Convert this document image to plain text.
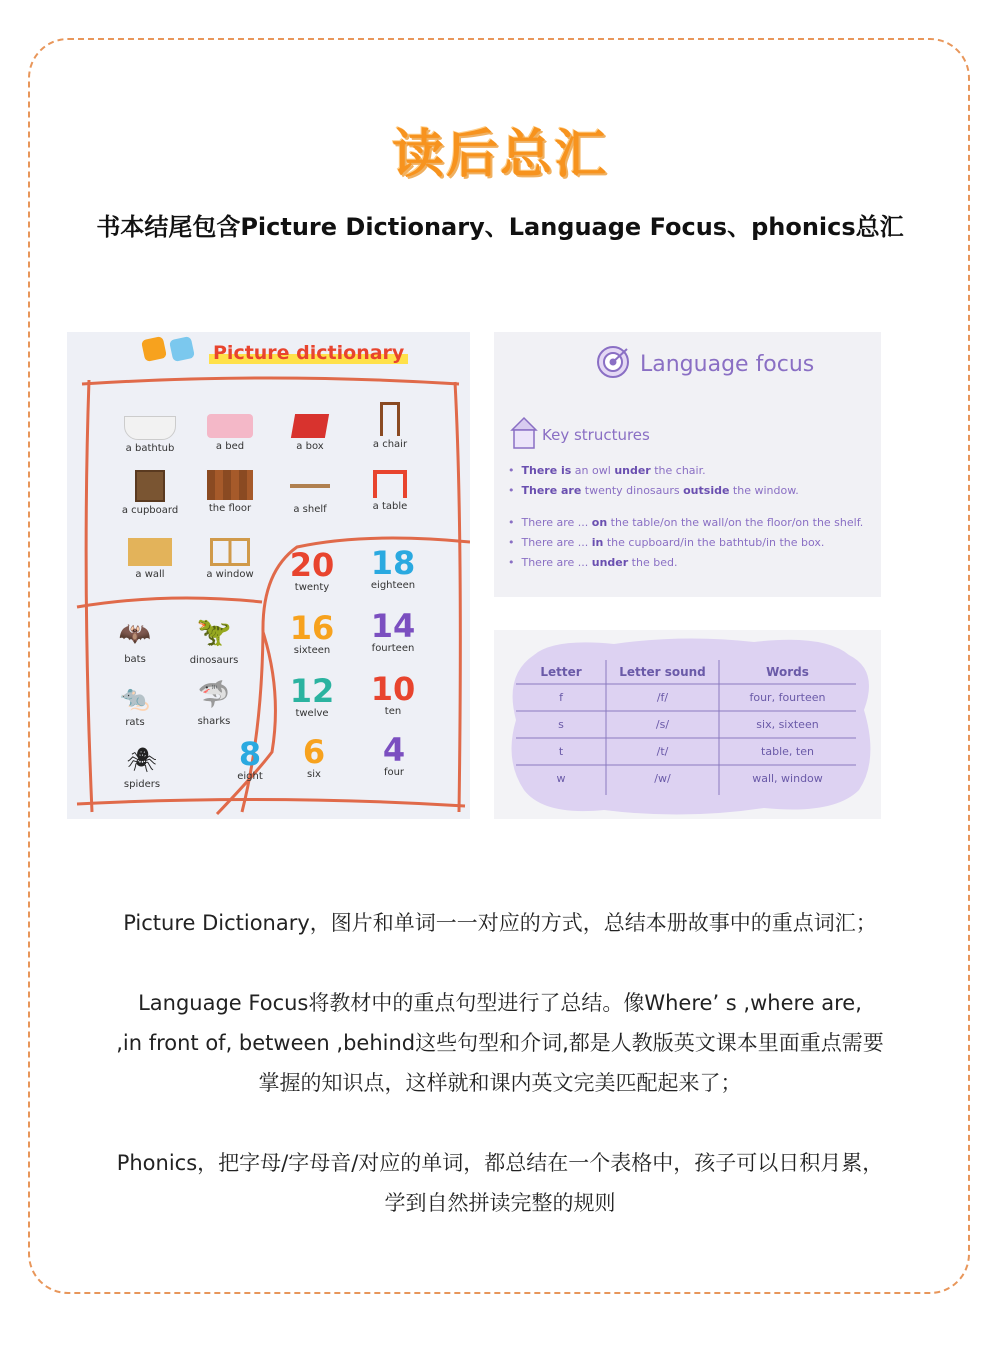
读后总汇
书本结尾包含Picture Dictionary、Language Focus、phonics总汇
Picture dictionary
a bathtub	a bed	a box	a chair
a cupboard	the floor	a shelf	a table
a wall	a window
🦇
bats
🦖
dinosaurs
🐀
rats
🦈
sharks
🕷
spiders
20
twenty
18
eighteen
16
sixteen
14
fourteen
12
twelve
10
ten
8
eight
6
six
4
four
Language focus
Key structures
•  There is an owl under the chair.
•  There are twenty dinosaurs outside the window.
•  There are ... on the table/on the wall/on the floor/on the shelf.
•  There are ... in the cupboard/in the bathtub/in the box.
•  There are ... under the bed.
Letter	Letter sound	Words
f	/f/	four, fourteen
s	/s/	six, sixteen
t	/t/	table, ten
w	/w/	wall, window
Picture Dictionary，图片和单词一一对应的方式，总结本册故事中的重点词汇；
Language Focus将教材中的重点句型进行了总结。像Where’ s ,where are,
,in front of, between ,behind这些句型和介词,都是人教版英文课本里面重点需要
掌握的知识点，这样就和课内英文完美匹配起来了；
Phonics，把字母/字母音/对应的单词，都总结在一个表格中，孩子可以日积月累，
学到自然拼读完整的规则
